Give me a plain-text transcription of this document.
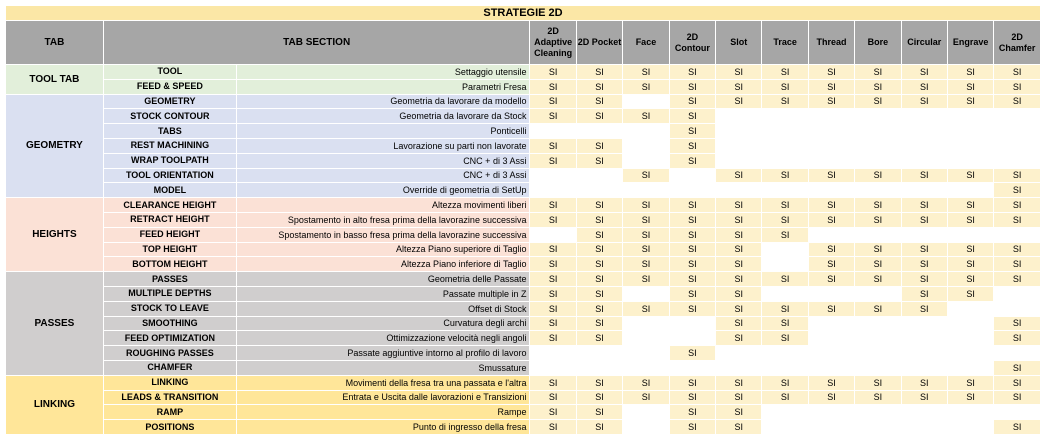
STRATEGIE 2D													
TAB	TAB SECTION		2D Adaptive Cleaning	2D Pocket	Face	2D Contour	Slot	Trace	Thread	Bore	Circular	Engrave	2D Chamfer
TOOL TAB	TOOL	Settaggio utensile	SI	SI	SI	SI	SI	SI	SI	SI	SI	SI	SI
	FEED & SPEED	Parametri Fresa	SI	SI	SI	SI	SI	SI	SI	SI	SI	SI	SI
GEOMETRY	GEOMETRY	Geometria da lavorare da modello	SI	SI		SI	SI	SI	SI	SI	SI	SI	SI
	STOCK CONTOUR	Geometria da lavorare da Stock	SI	SI	SI	SI							
	TABS	Ponticelli				SI							
	REST MACHINING	Lavorazione su parti non lavorate	SI	SI		SI							
	WRAP TOOLPATH	CNC + di 3 Assi	SI	SI		SI							
	TOOL ORIENTATION	CNC + di 3 Assi			SI		SI	SI	SI	SI	SI	SI	SI
	MODEL	Override di geometria di SetUp											SI
HEIGHTS	CLEARANCE HEIGHT	Altezza movimenti liberi	SI	SI	SI	SI	SI	SI	SI	SI	SI	SI	SI
	RETRACT HEIGHT	Spostamento in alto fresa prima della lavorazine successiva	SI	SI	SI	SI	SI	SI	SI	SI	SI	SI	SI
	FEED HEIGHT	Spostamento in basso fresa prima della lavorazine successiva		SI	SI	SI	SI	SI					
	TOP HEIGHT	Altezza Piano superiore di Taglio	SI	SI	SI	SI	SI		SI	SI	SI	SI	SI
	BOTTOM HEIGHT	Altezza Piano inferiore di Taglio	SI	SI	SI	SI	SI		SI	SI	SI	SI	SI
PASSES	PASSES	Geometria delle Passate	SI	SI	SI	SI	SI	SI	SI	SI	SI	SI	SI
	MULTIPLE DEPTHS	Passate multiple in Z	SI	SI		SI	SI				SI	SI	
	STOCK TO LEAVE	Offset di Stock	SI	SI	SI	SI	SI	SI	SI	SI	SI		
	SMOOTHING	Curvatura degli archi	SI	SI			SI	SI					SI
	FEED OPTIMIZATION	Ottimizzazione velocità negli angoli	SI	SI			SI	SI					SI
	ROUGHING PASSES	Passate aggiuntive intorno al profilo di lavoro				SI							
	CHAMFER	Smussature											SI
LINKING	LINKING	Movimenti della fresa tra una passata e l'altra	SI	SI	SI	SI	SI	SI	SI	SI	SI	SI	SI
	LEADS & TRANSITION	Entrata e Uscita dalle lavorazioni e Transizioni	SI	SI	SI	SI	SI	SI	SI	SI	SI	SI	SI
	RAMP	Rampe	SI	SI		SI	SI						
	POSITIONS	Punto di ingresso della fresa	SI	SI		SI	SI						SI
